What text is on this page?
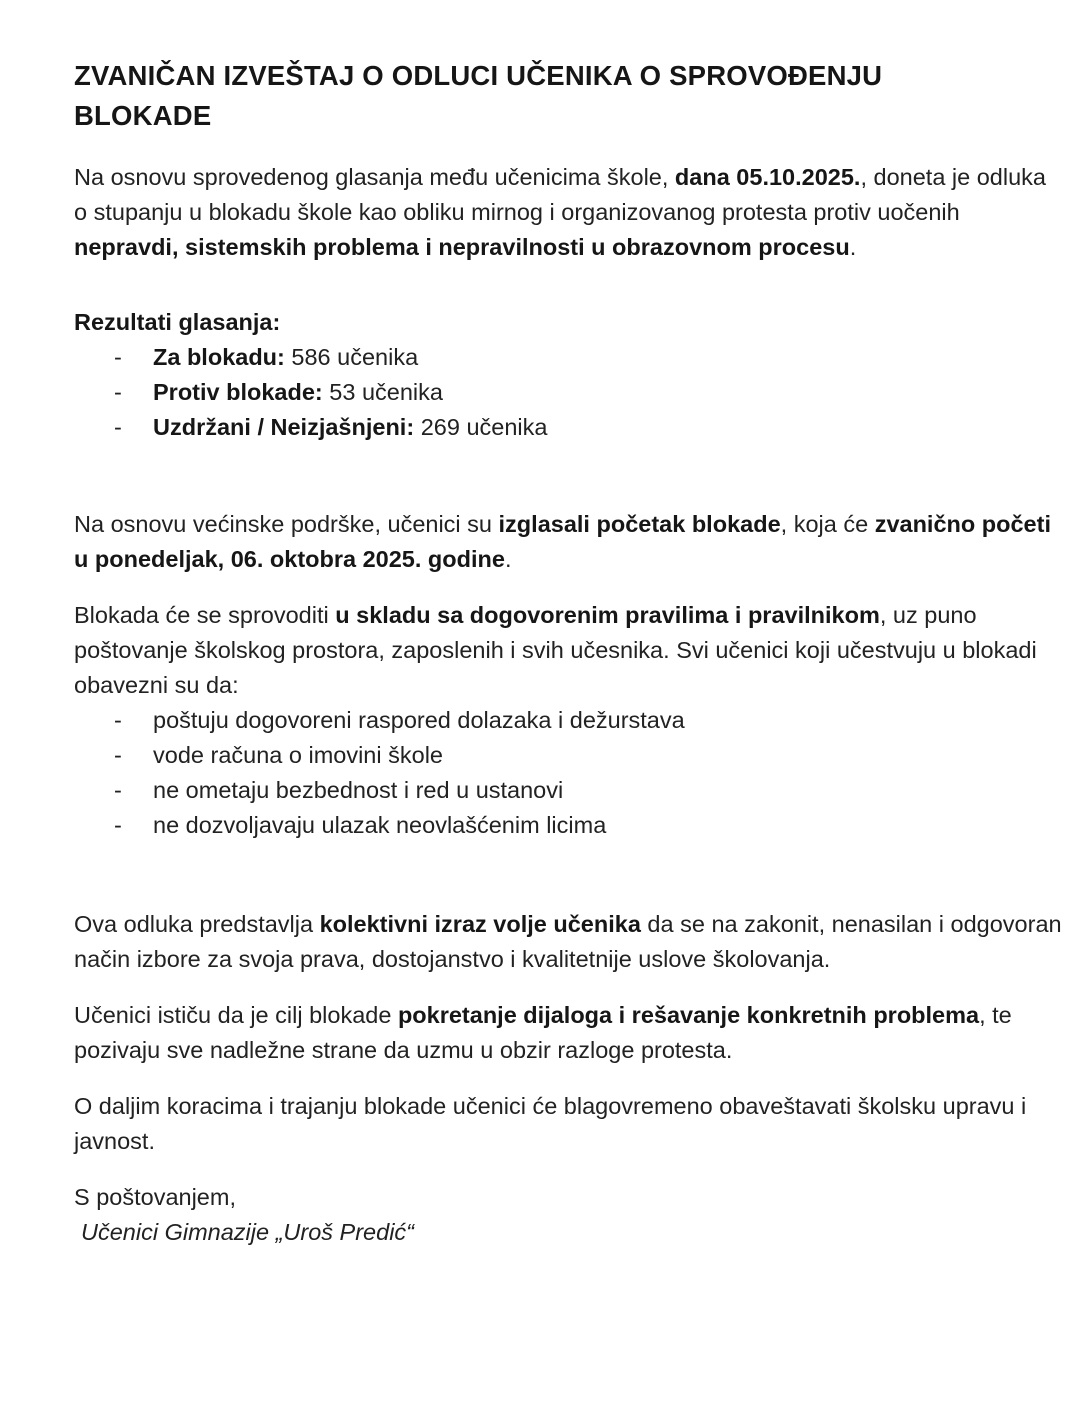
ZVANIČAN IZVEŠTAJ O ODLUCI UČENIKA O SPROVOĐENJU BLOKADE

Na osnovu sprovedenog glasanja među učenicima škole, dana 05.10.2025., doneta je odluka o stupanju u blokadu škole kao obliku mirnog i organizovanog protesta protiv uočenih nepravdi, sistemskih problema i nepravilnosti u obrazovnom procesu.

Rezultati glasanja:
-	Za blokadu: 586 učenika
-	Protiv blokade: 53 učenika
-	Uzdržani / Neizjašnjeni: 269 učenika

Na osnovu većinske podrške, učenici su izglasali početak blokade, koja će zvanično početi u ponedeljak, 06. oktobra 2025. godine.

Blokada će se sprovoditi u skladu sa dogovorenim pravilima i pravilnikom, uz puno poštovanje školskog prostora, zaposlenih i svih učesnika. Svi učenici koji učestvuju u blokadi obavezni su da:

-	poštuju dogovoreni raspored dolazaka i dežurstava
-	vode računa o imovini škole
-	ne ometaju bezbednost i red u ustanovi
-	ne dozvoljavaju ulazak neovlašćenim licima

Ova odluka predstavlja kolektivni izraz volje učenika da se na zakonit, nenasilan i odgovoran način izbore za svoja prava, dostojanstvo i kvalitetnije uslove školovanja.

Učenici ističu da je cilj blokade pokretanje dijaloga i rešavanje konkretnih problema, te pozivaju sve nadležne strane da uzmu u obzir razloge protesta.

O daljim koracima i trajanju blokade učenici će blagovremeno obaveštavati školsku upravu i javnost.

S poštovanjem,

Učenici Gimnazije „Uroš Predić“
